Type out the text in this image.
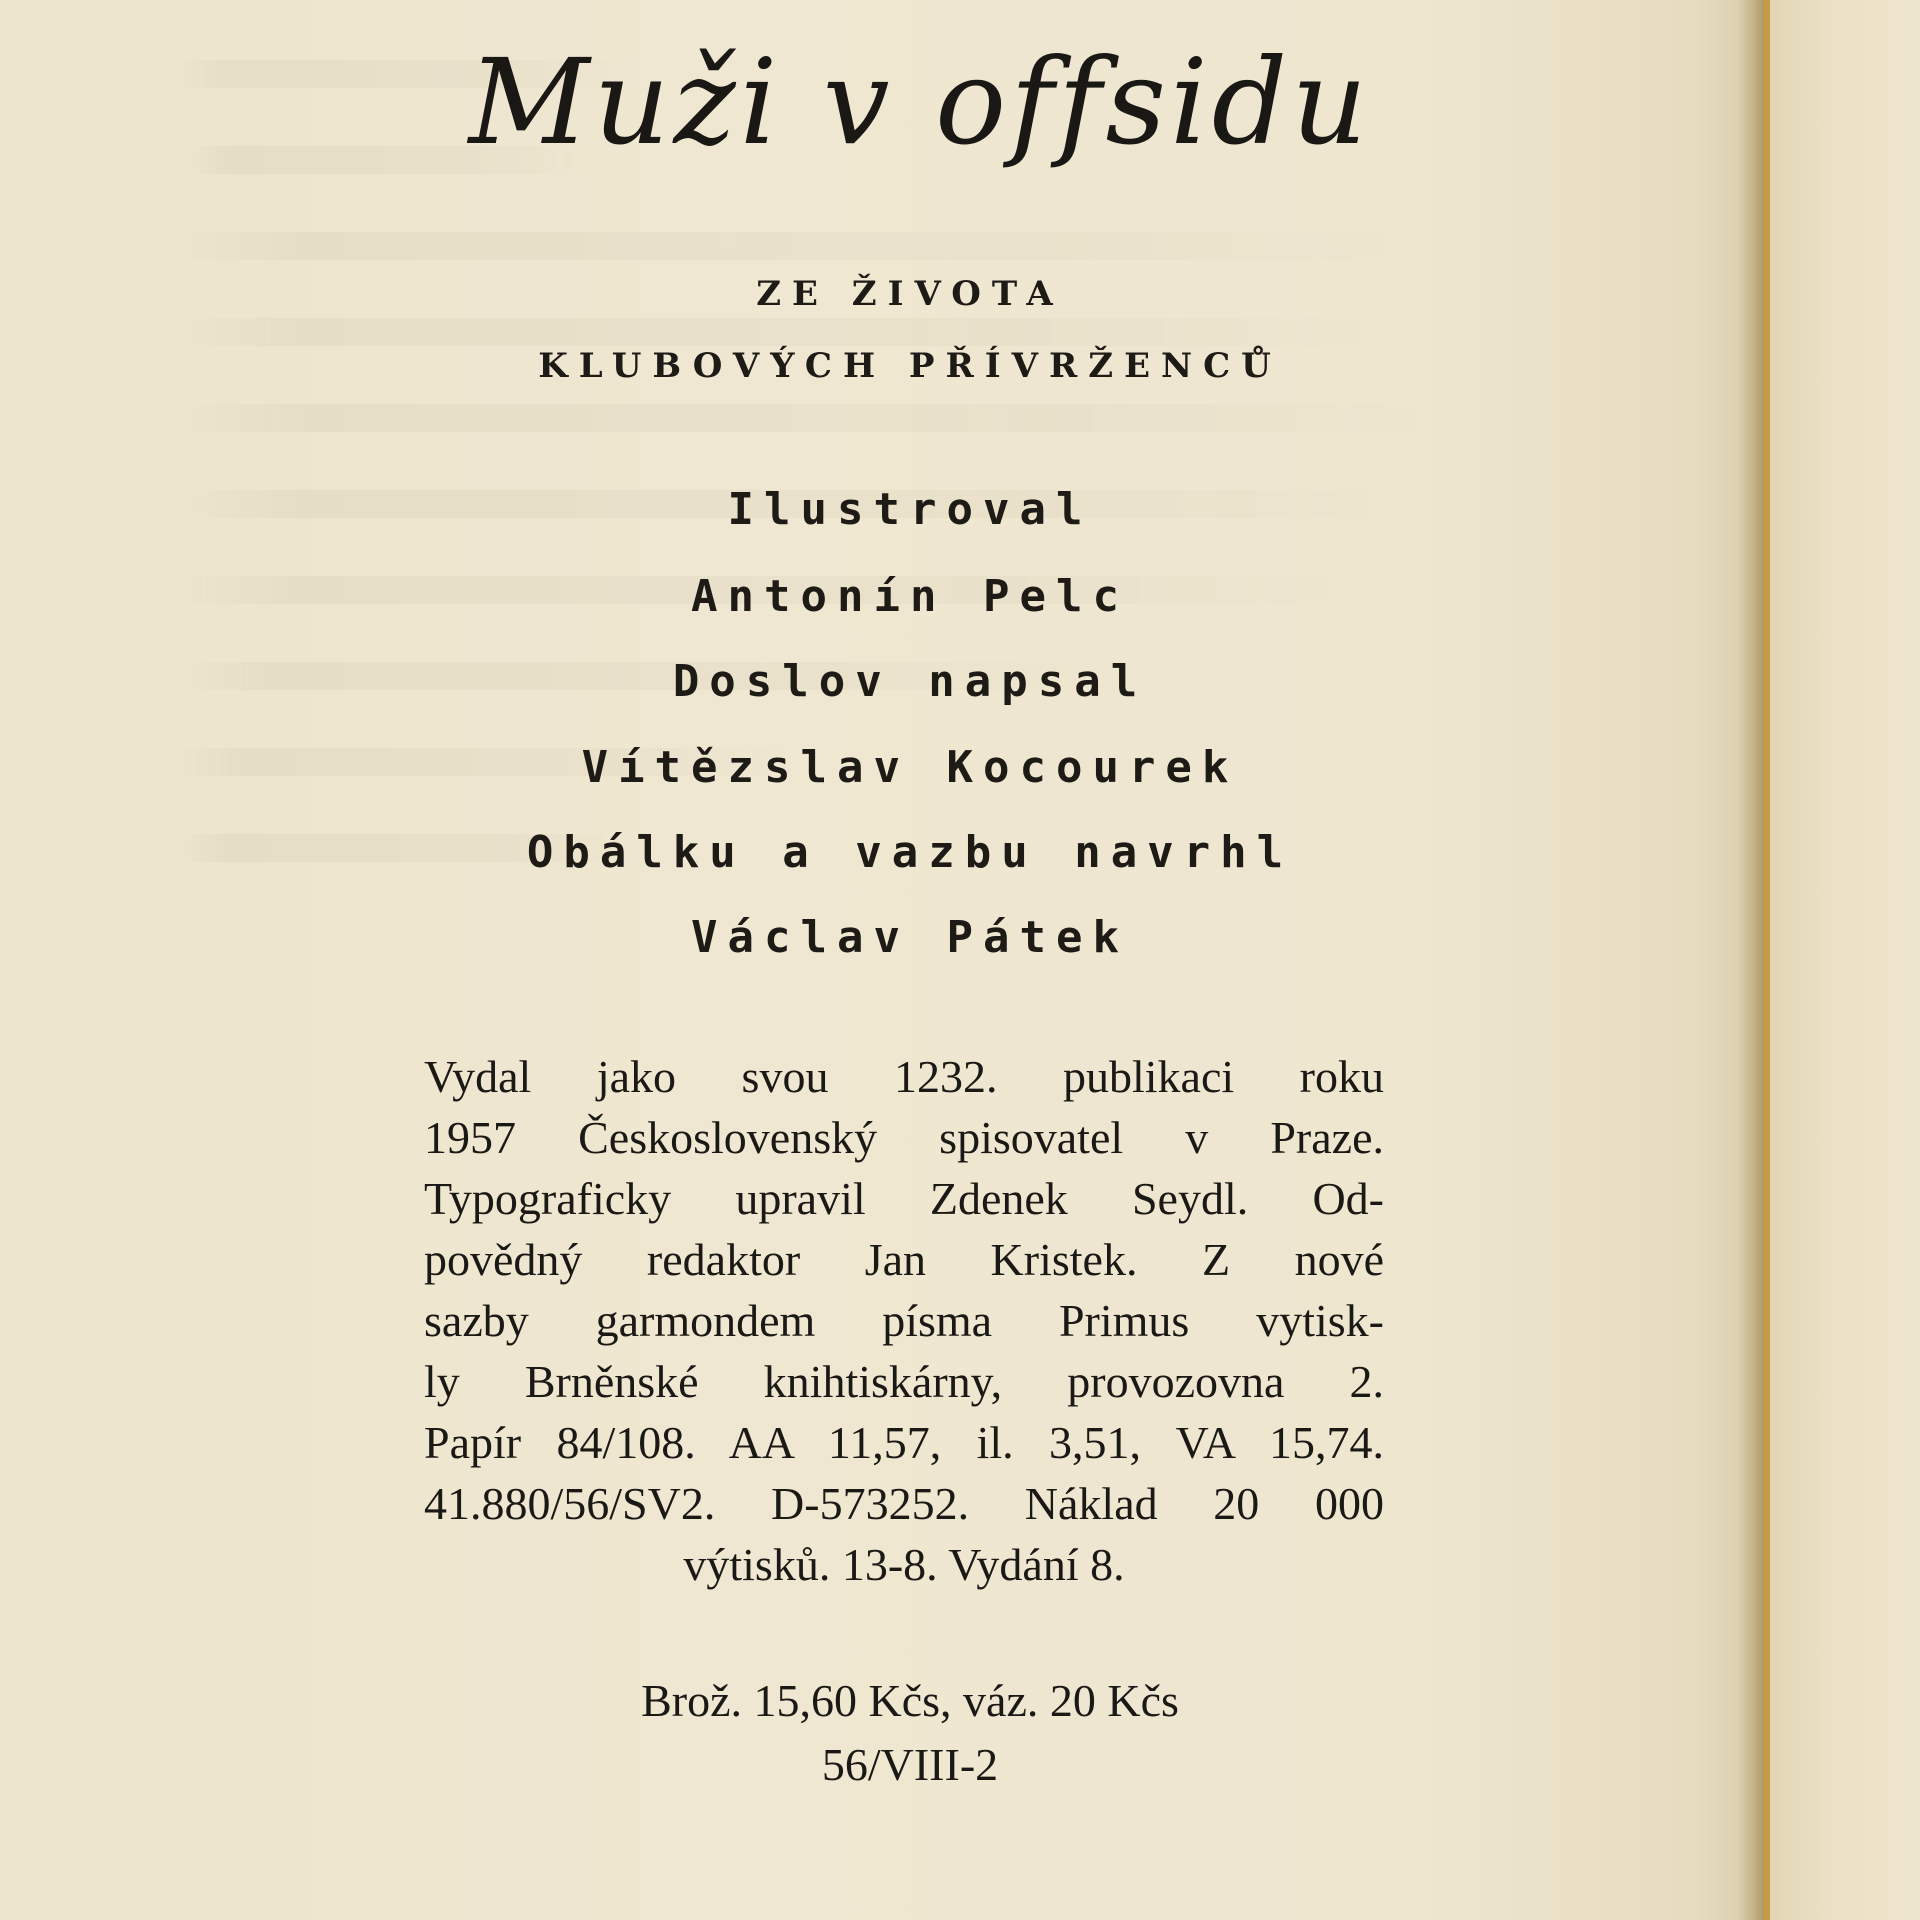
Muži v offsidu
ZE ŽIVOTA
KLUBOVÝCH PŘÍVRŽENCŮ
Ilustroval
Antonín Pelc
Doslov napsal
Vítězslav Kocourek
Obálku a vazbu navrhl
Václav Pátek
Vydal jako svou 1232. publikaci roku
1957 Československý spisovatel v Praze.
Typograficky upravil Zdenek Seydl. Od-
povědný redaktor Jan Kristek. Z nové
sazby garmondem písma Primus vytisk-
ly Brněnské knihtiskárny, provozovna 2.
Papír 84/108. AA 11,57, il. 3,51, VA 15,74.
41.880/56/SV2. D-573252. Náklad 20 000
výtisků. 13-8. Vydání 8.
Brož. 15,60 Kčs, váz. 20 Kčs
56/VIII-2
